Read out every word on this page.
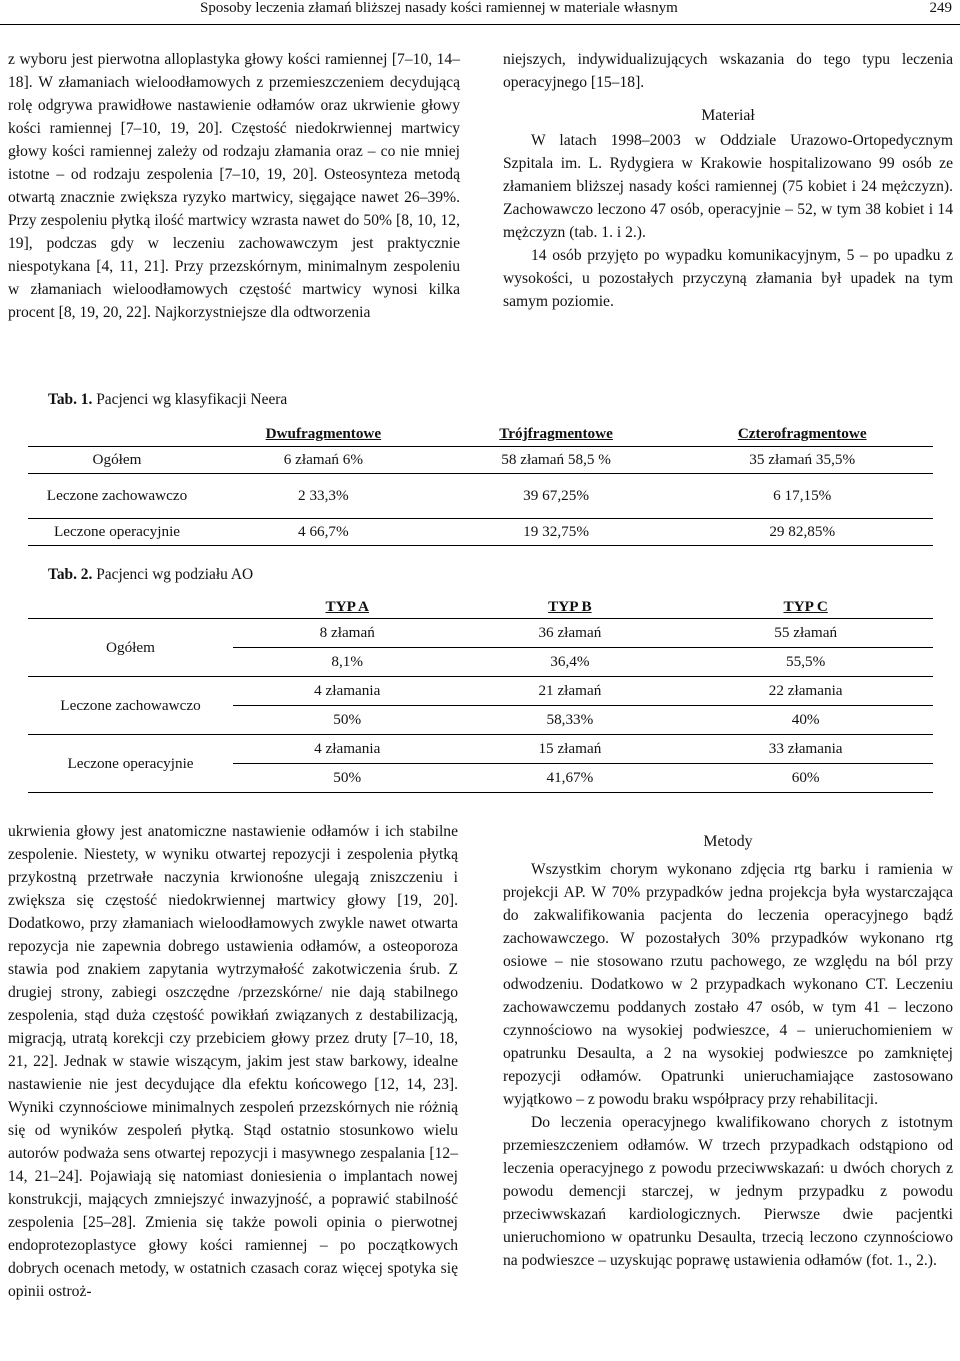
Sposoby leczenia złamań bliższej nasady kości ramiennej w materiale własnym	249

z wyboru jest pierwotna alloplastyka głowy kości ramiennej [7–10, 14–18]. W złamaniach wieloodłamowych z przemieszczeniem decydującą rolę odgrywa prawidłowe nastawienie odłamów oraz ukrwienie głowy kości ramiennej [7–10, 19, 20]. Częstość niedokrwiennej martwicy głowy kości ramiennej zależy od rodzaju złamania oraz – co nie mniej istotne – od rodzaju zespolenia [7–10, 19, 20]. Osteosynteza metodą otwartą znacznie zwiększa ryzyko martwicy, sięgające nawet 26–39%. Przy zespoleniu płytką ilość martwicy wzrasta nawet do 50% [8, 10, 12, 19], podczas gdy w leczeniu zachowawczym jest praktycznie niespotykana [4, 11, 21]. Przy przezskórnym, minimalnym zespoleniu w złamaniach wieloodłamowych częstość martwicy wynosi kilka procent [8, 19, 20, 22]. Najkorzystniejsze dla odtworzenia

niejszych, indywidualizujących wskazania do tego typu leczenia operacyjnego [15–18].

Materiał

W latach 1998–2003 w Oddziale Urazowo-Ortopedycznym Szpitala im. L. Rydygiera w Krakowie hospitalizowano 99 osób ze złamaniem bliższej nasady kości ramiennej (75 kobiet i 24 mężczyzn). Zachowawczo leczono 47 osób, operacyjnie – 52, w tym 38 kobiet i 14 mężczyzn (tab. 1. i 2.).

14 osób przyjęto po wypadku komunikacyjnym, 5 – po upadku z wysokości, u pozostałych przyczyną złamania był upadek na tym samym poziomie.

Tab. 1. Pacjenci wg klasyfikacji Neera
	Dwufragmentowe	Trójfragmentowe	Czterofragmentowe
Ogółem	6 złamań 6%	58 złamań 58,5 %	35 złamań 35,5%
Leczone zachowawczo	2 33,3%	39 67,25%	6 17,15%
Leczone operacyjnie	4 66,7%	19 32,75%	29 82,85%
Tab. 2. Pacjenci wg podziału AO
	TYP A	TYP B	TYP C
Ogółem	8 złamań	36 złamań	55 złamań
	8,1%	36,4%	55,5%
Leczone zachowawczo	4 złamania	21 złamań	22 złamania
	50%	58,33%	40%
Leczone operacyjnie	4 złamania	15 złamań	33 złamania
	50%	41,67%	60%

ukrwienia głowy jest anatomiczne nastawienie odłamów i ich stabilne zespolenie. Niestety, w wyniku otwartej repozycji i zespolenia płytką przykostną przetrwałe naczynia krwionośne ulegają zniszczeniu i zwiększa się częstość niedokrwiennej martwicy głowy [19, 20]. Dodatkowo, przy złamaniach wieloodłamowych zwykle nawet otwarta repozycja nie zapewnia dobrego ustawienia odłamów, a osteoporoza stawia pod znakiem zapytania wytrzymałość zakotwiczenia śrub. Z drugiej strony, zabiegi oszczędne /przezskórne/ nie dają stabilnego zespolenia, stąd duża częstość powikłań związanych z destabilizacją, migracją, utratą korekcji czy przebiciem głowy przez druty [7–10, 18, 21, 22]. Jednak w stawie wiszącym, jakim jest staw barkowy, idealne nastawienie nie jest decydujące dla efektu końcowego [12, 14, 23]. Wyniki czynnościowe minimalnych zespoleń przezskórnych nie różnią się od wyników zespoleń płytką. Stąd ostatnio stosunkowo wielu autorów podważa sens otwartej repozycji i masywnego zespalania [12–14, 21–24]. Pojawiają się natomiast doniesienia o implantach nowej konstrukcji, mających zmniejszyć inwazyjność, a poprawić stabilność zespolenia [25–28]. Zmienia się także powoli opinia o pierwotnej endoprotezoplastyce głowy kości ramiennej – po początkowych dobrych ocenach metody, w ostatnich czasach coraz więcej spotyka się opinii ostroż-

Metody

Wszystkim chorym wykonano zdjęcia rtg barku i ramienia w projekcji AP. W 70% przypadków jedna projekcja była wystarczająca do zakwalifikowania pacjenta do leczenia operacyjnego bądź zachowawczego. W pozostałych 30% przypadków wykonano rtg osiowe – nie stosowano rzutu pachowego, ze względu na ból przy odwodzeniu. Dodatkowo w 2 przypadkach wykonano CT. Leczeniu zachowawczemu poddanych zostało 47 osób, w tym 41 – leczono czynnościowo na wysokiej podwieszce, 4 – unieruchomieniem w opatrunku Desaulta, a 2 na wysokiej podwieszce po zamkniętej repozycji odłamów. Opatrunki unieruchamiające zastosowano wyjątkowo – z powodu braku współpracy przy rehabilitacji.

Do leczenia operacyjnego kwalifikowano chorych z istotnym przemieszczeniem odłamów. W trzech przypadkach odstąpiono od leczenia operacyjnego z powodu przeciwwskazań: u dwóch chorych z powodu demencji starczej, w jednym przypadku z powodu przeciwwskazań kardiologicznych. Pierwsze dwie pacjentki unieruchomiono w opatrunku Desaulta, trzecią leczono czynnościowo na podwieszce – uzyskując poprawę ustawienia odłamów (fot. 1., 2.).
